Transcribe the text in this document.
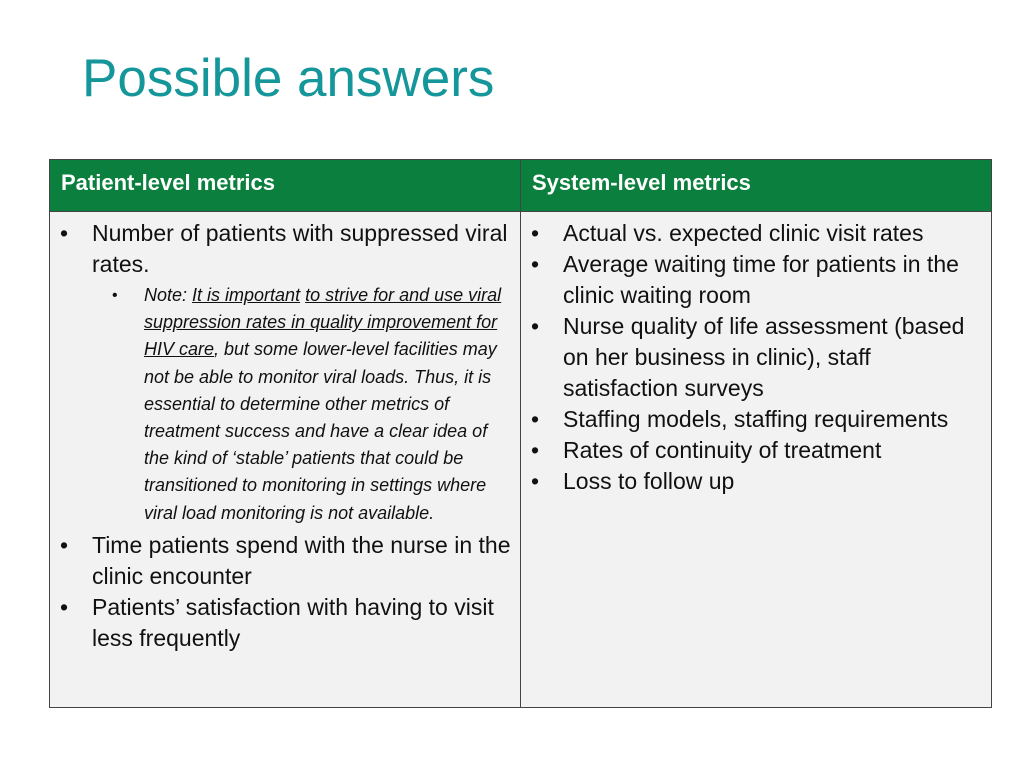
Possible answers
Patient-level metrics	System-level metrics
• Number of patients with suppressed viral rates.
• Note: It is important to strive for and use viral suppression rates in quality improvement for HIV care, but some lower-level facilities may not be able to monitor viral loads. Thus, it is essential to determine other metrics of treatment success and have a clear idea of the kind of ‘stable’ patients that could be transitioned to monitoring in settings where viral load monitoring is not available.
• Time patients spend with the nurse in the clinic encounter
• Patients’ satisfaction with having to visit less frequently
• Actual vs. expected clinic visit rates
• Average waiting time for patients in the clinic waiting room
• Nurse quality of life assessment (based on her business in clinic), staff satisfaction surveys
• Staffing models, staffing requirements
• Rates of continuity of treatment
• Loss to follow up
